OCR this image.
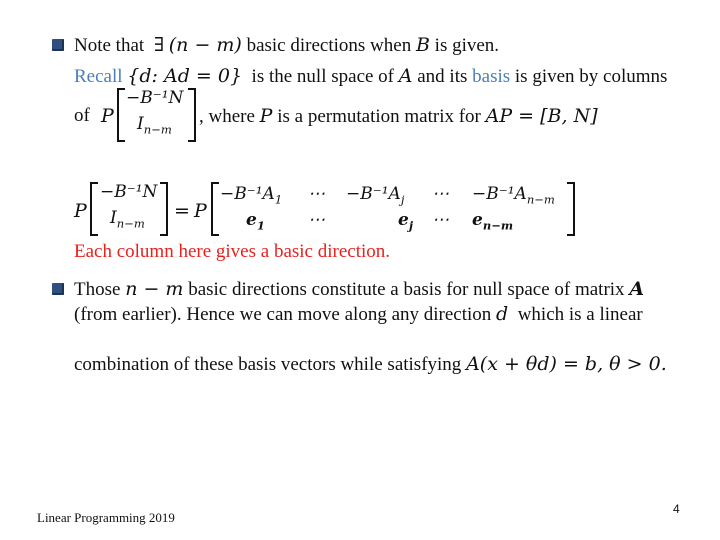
Note that ∃ (n − m) basic directions when B is given.
Recall {d: Ad = 0} is the null space of A and its basis is given by columns
of P
−B⁻¹N
$I_{n-m}$
, where P is a permutation matrix for AP = [B, N]
P
−B⁻¹N
$I_{n-m}$
= P
$-B^{-1}A_1$ ⋯ $-B^{-1}A_j$ ⋯ $-B^{-1}A_{n-m}$
$e_1$	⋯	$e_j$ ⋯ $e_{n-m}$
Each column here gives a basic direction.
Those n − m basic directions constitute a basis for null space of matrix A
(from earlier). Hence we can move along any direction d which is a linear
combination of these basis vectors while satisfying A(x + θd) = b, θ > 0.
Linear Programming 2019
4
